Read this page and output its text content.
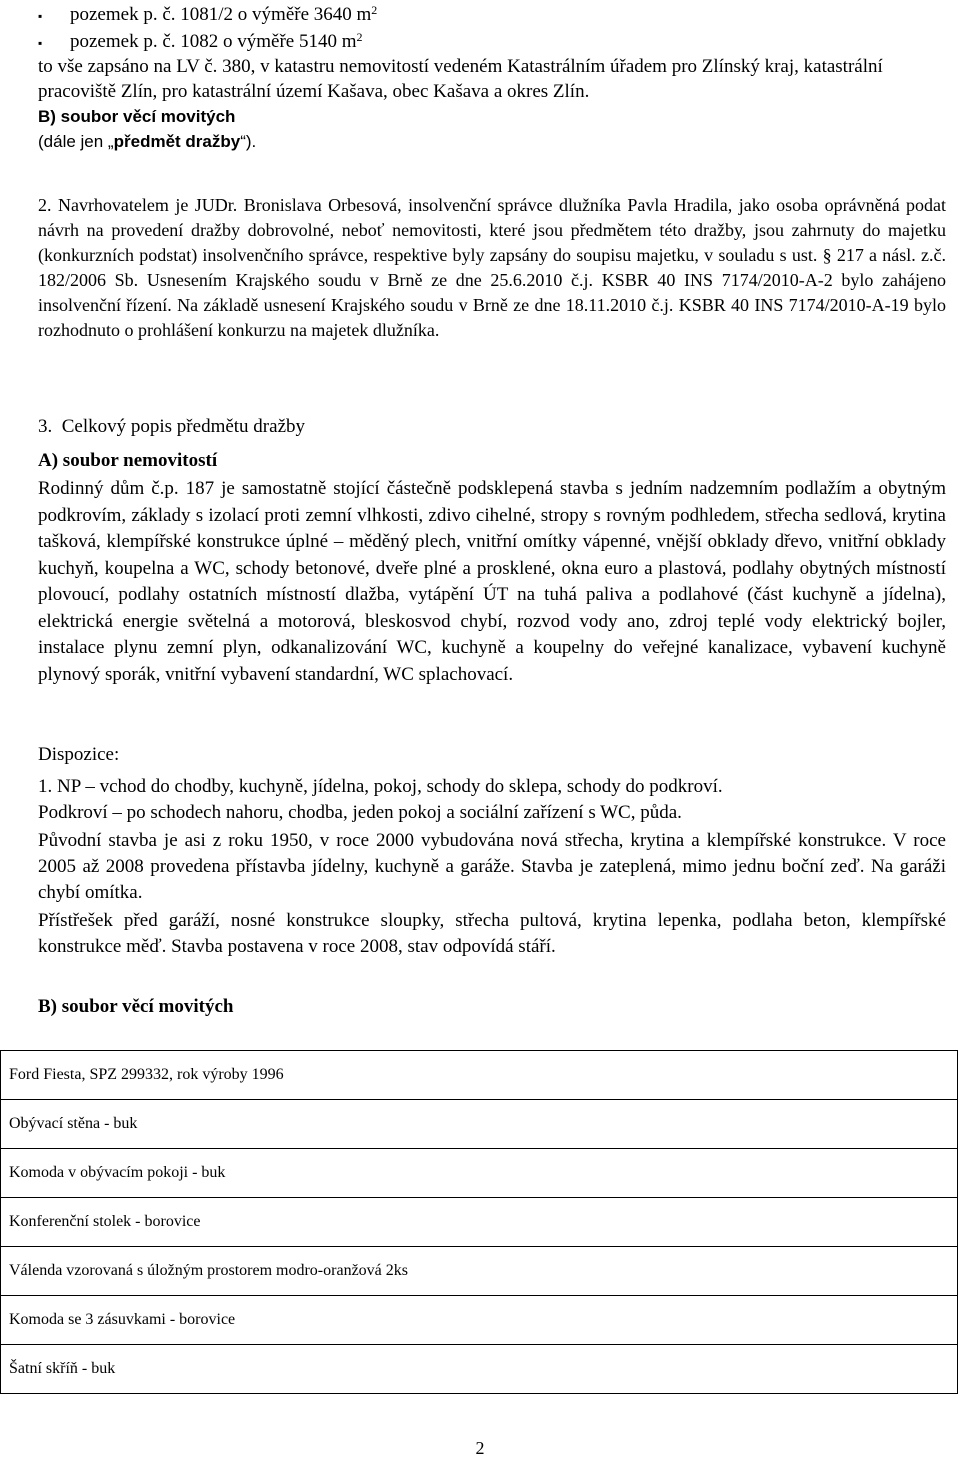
▪	pozemek p. č. 1081/2 o výměře 3640 $m^2$
▪	pozemek p. č. 1082 o výměře 5140 $m^2$
to vše zapsáno na LV č. 380, v katastru nemovitostí vedeném Katastrálním úřadem pro Zlínský kraj, katastrální pracoviště Zlín, pro katastrální území Kašava, obec Kašava a okres Zlín.
B) soubor věcí movitých
(dále jen „předmět dražby“).
2. Navrhovatelem je JUDr. Bronislava Orbesová, insolvenční správce dlužníka Pavla Hradila, jako osoba oprávněná podat návrh na provedení dražby dobrovolné, neboť nemovitosti, které jsou předmětem této dražby, jsou zahrnuty do majetku (konkurzních podstat) insolvenčního správce, respektive byly zapsány do soupisu majetku, v souladu s ust. § 217 a násl. z.č. 182/2006 Sb. Usnesením Krajského soudu v Brně ze dne 25.6.2010 č.j. KSBR 40 INS 7174/2010-A-2 bylo zahájeno insolvenční řízení. Na základě usnesení Krajského soudu v Brně ze dne 18.11.2010 č.j. KSBR 40 INS 7174/2010-A-19 bylo rozhodnuto o prohlášení konkurzu na majetek dlužníka.
3. Celkový popis předmětu dražby
A) soubor nemovitostí
Rodinný dům č.p. 187 je samostatně stojící částečně podsklepená stavba s jedním nadzemním podlažím a obytným podkrovím, základy s izolací proti zemní vlhkosti, zdivo cihelné, stropy s rovným podhledem, střecha sedlová, krytina tašková, klempířské konstrukce úplné – měděný plech, vnitřní omítky vápenné, vnější obklady dřevo, vnitřní obklady kuchyň, koupelna a WC, schody betonové, dveře plné a prosklené, okna euro a plastová, podlahy obytných místností plovoucí, podlahy ostatních místností dlažba, vytápění ÚT na tuhá paliva a podlahové (část kuchyně a jídelna), elektrická energie světelná a motorová, bleskosvod chybí, rozvod vody ano, zdroj teplé vody elektrický bojler, instalace plynu zemní plyn, odkanalizování WC, kuchyně a koupelny do veřejné kanalizace, vybavení kuchyně plynový sporák, vnitřní vybavení standardní, WC splachovací.
Dispozice:
1. NP – vchod do chodby, kuchyně, jídelna, pokoj, schody do sklepa, schody do podkroví.
Podkroví – po schodech nahoru, chodba, jeden pokoj a sociální zařízení s WC, půda.
Původní stavba je asi z roku 1950, v roce 2000 vybudována nová střecha, krytina a klempířské konstrukce. V roce 2005 až 2008 provedena přístavba jídelny, kuchyně a garáže. Stavba je zateplená, mimo jednu boční zeď. Na garáži chybí omítka.
Přístřešek před garáží, nosné konstrukce sloupky, střecha pultová, krytina lepenka, podlaha beton, klempířské konstrukce měď. Stavba postavena v roce 2008, stav odpovídá stáří.
B) soubor věcí movitých
Ford Fiesta, SPZ 299332, rok výroby 1996
Obývací stěna - buk
Komoda v obývacím pokoji - buk
Konferenční stolek - borovice
Válenda vzorovaná s úložným prostorem modro-oranžová 2ks
Komoda se 3 zásuvkami - borovice
Šatní skříň - buk
2
